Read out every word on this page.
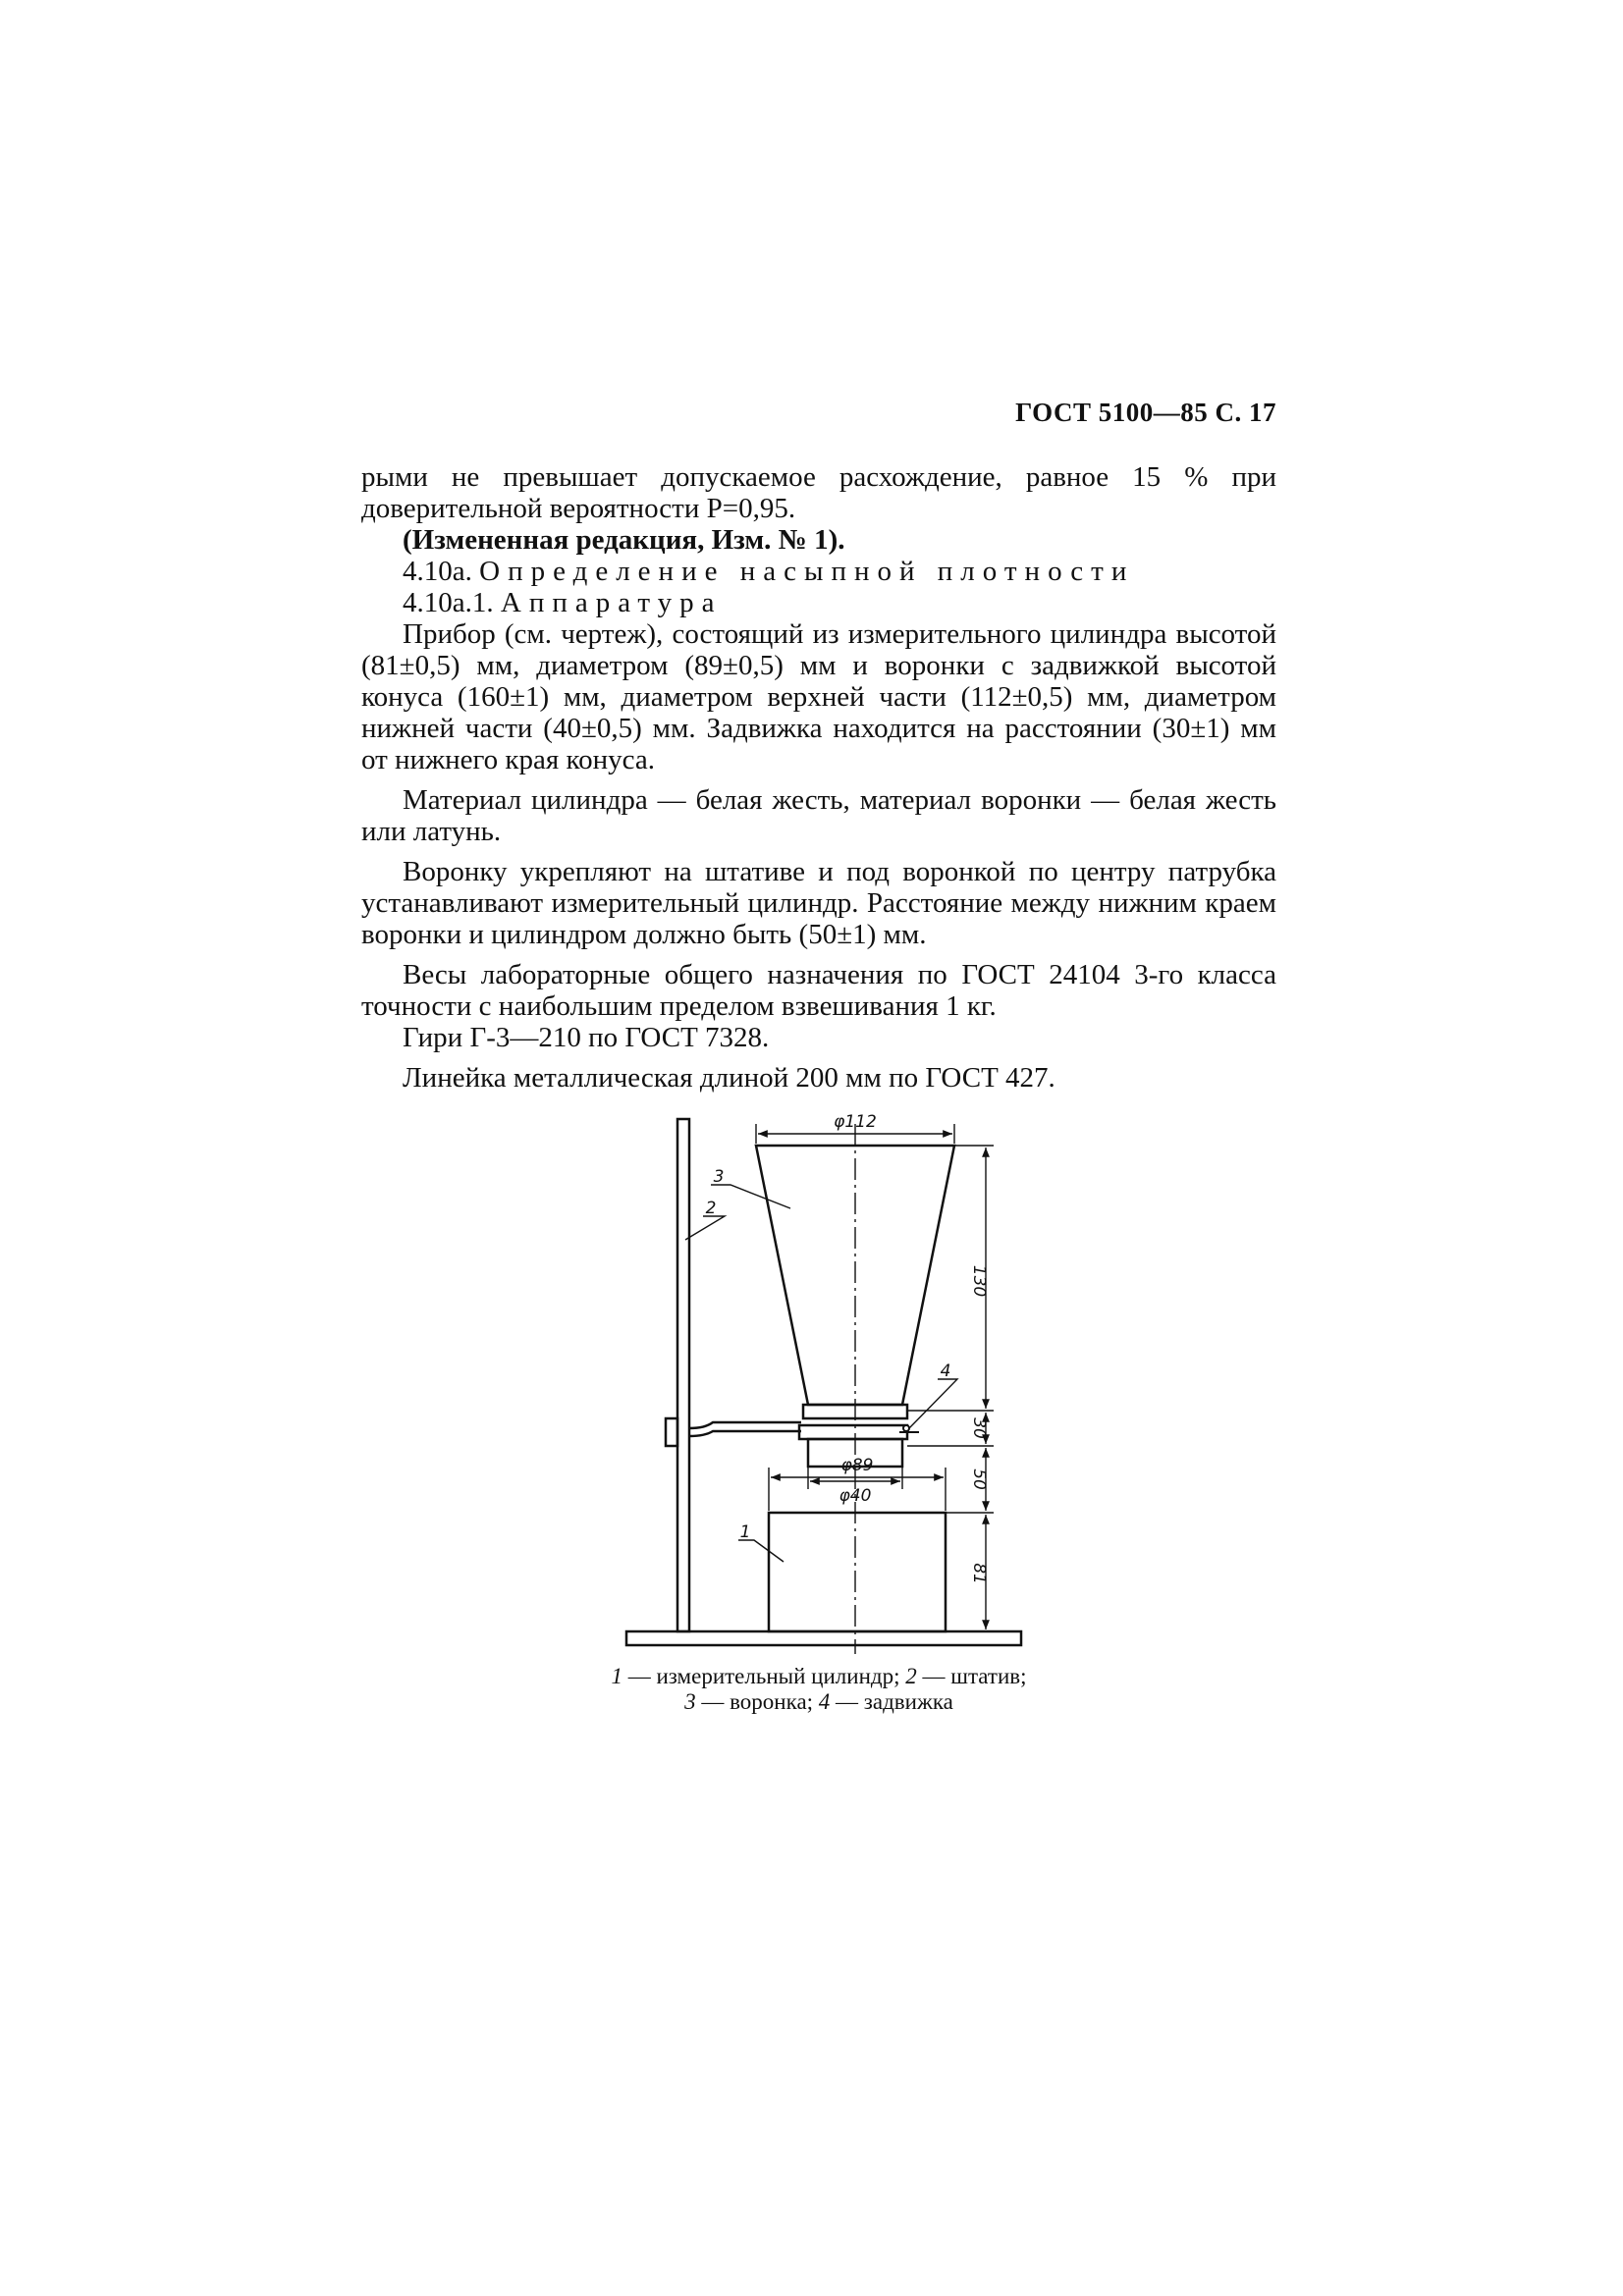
ГОСТ 5100—85 С. 17

рыми не превышает допускаемое расхождение, равное 15 % при доверительной вероятности Р=0,95.

(Измененная редакция, Изм. № 1).

4.10а. Определение насыпной плотности

4.10а.1. Аппаратура

Прибор (см. чертеж), состоящий из измерительного цилиндра высотой (81±0,5) мм, диаметром (89±0,5) мм и воронки с задвижкой высотой конуса (160±1) мм, диаметром верхней части (112±0,5) мм, диаметром нижней части (40±0,5) мм. Задвижка находится на расстоянии (30±1) мм от нижнего края конуса.

Материал цилиндра — белая жесть, материал воронки — белая жесть или латунь.

Воронку укрепляют на штативе и под воронкой по центру патрубка устанавливают измерительный цилиндр. Расстояние между нижним краем воронки и цилиндром должно быть (50±1) мм.

Весы лабораторные общего назначения по ГОСТ 24104 3-го класса точности с наибольшим пределом взвешивания 1 кг.

Гири Г-3—210 по ГОСТ 7328.

Линейка металлическая длиной 200 мм по ГОСТ 427.

φ112
φ40
φ89
130
30
50
81
2
3
4
1
1 — измерительный цилиндр; 2 — штатив;
3 — воронка; 4 — задвижка
